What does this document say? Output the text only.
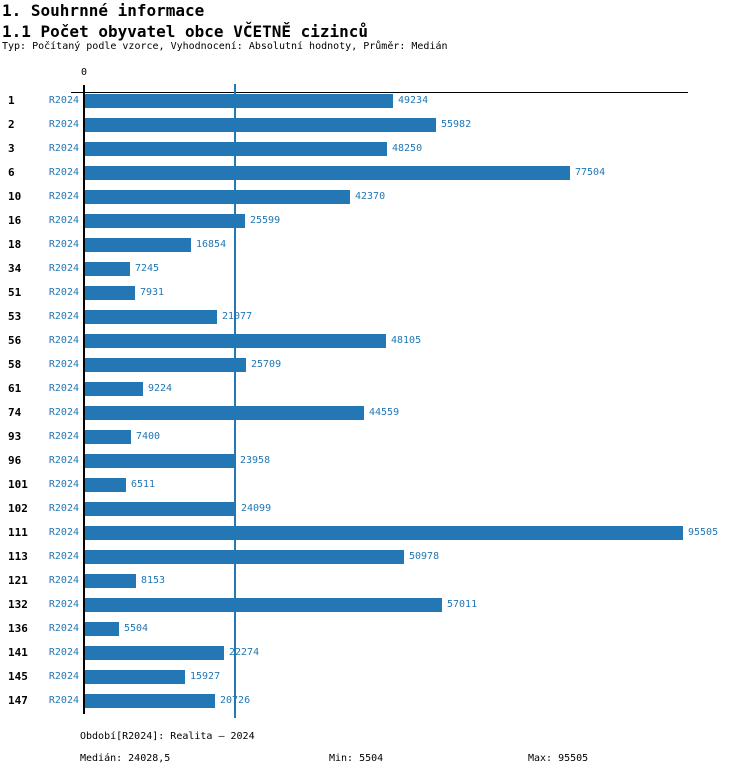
1. Souhrnné informace
1.1 Počet obyvatel obce VČETNĚ cizinců
Typ: Počítaný podle vzorce, Vyhodnocení: Absolutní hodnoty, Průměr: Medián
0
1	R2024	49234
2	R2024	55982
3	R2024	48250
6	R2024	77504
10	R2024	42370
16	R2024	25599
18	R2024	16854
34	R2024	7245
51	R2024	7931
53	R2024	21077
56	R2024	48105
58	R2024	25709
61	R2024	9224
74	R2024	44559
93	R2024	7400
96	R2024	23958
101	R2024	6511
102	R2024	24099
111	R2024	95505
113	R2024	50978
121	R2024	8153
132	R2024	57011
136	R2024	5504
141	R2024	22274
145	R2024	15927
147	R2024	20726
Období[R2024]: Realita – 2024
Medián: 24028,5	Min: 5504	Max: 95505
